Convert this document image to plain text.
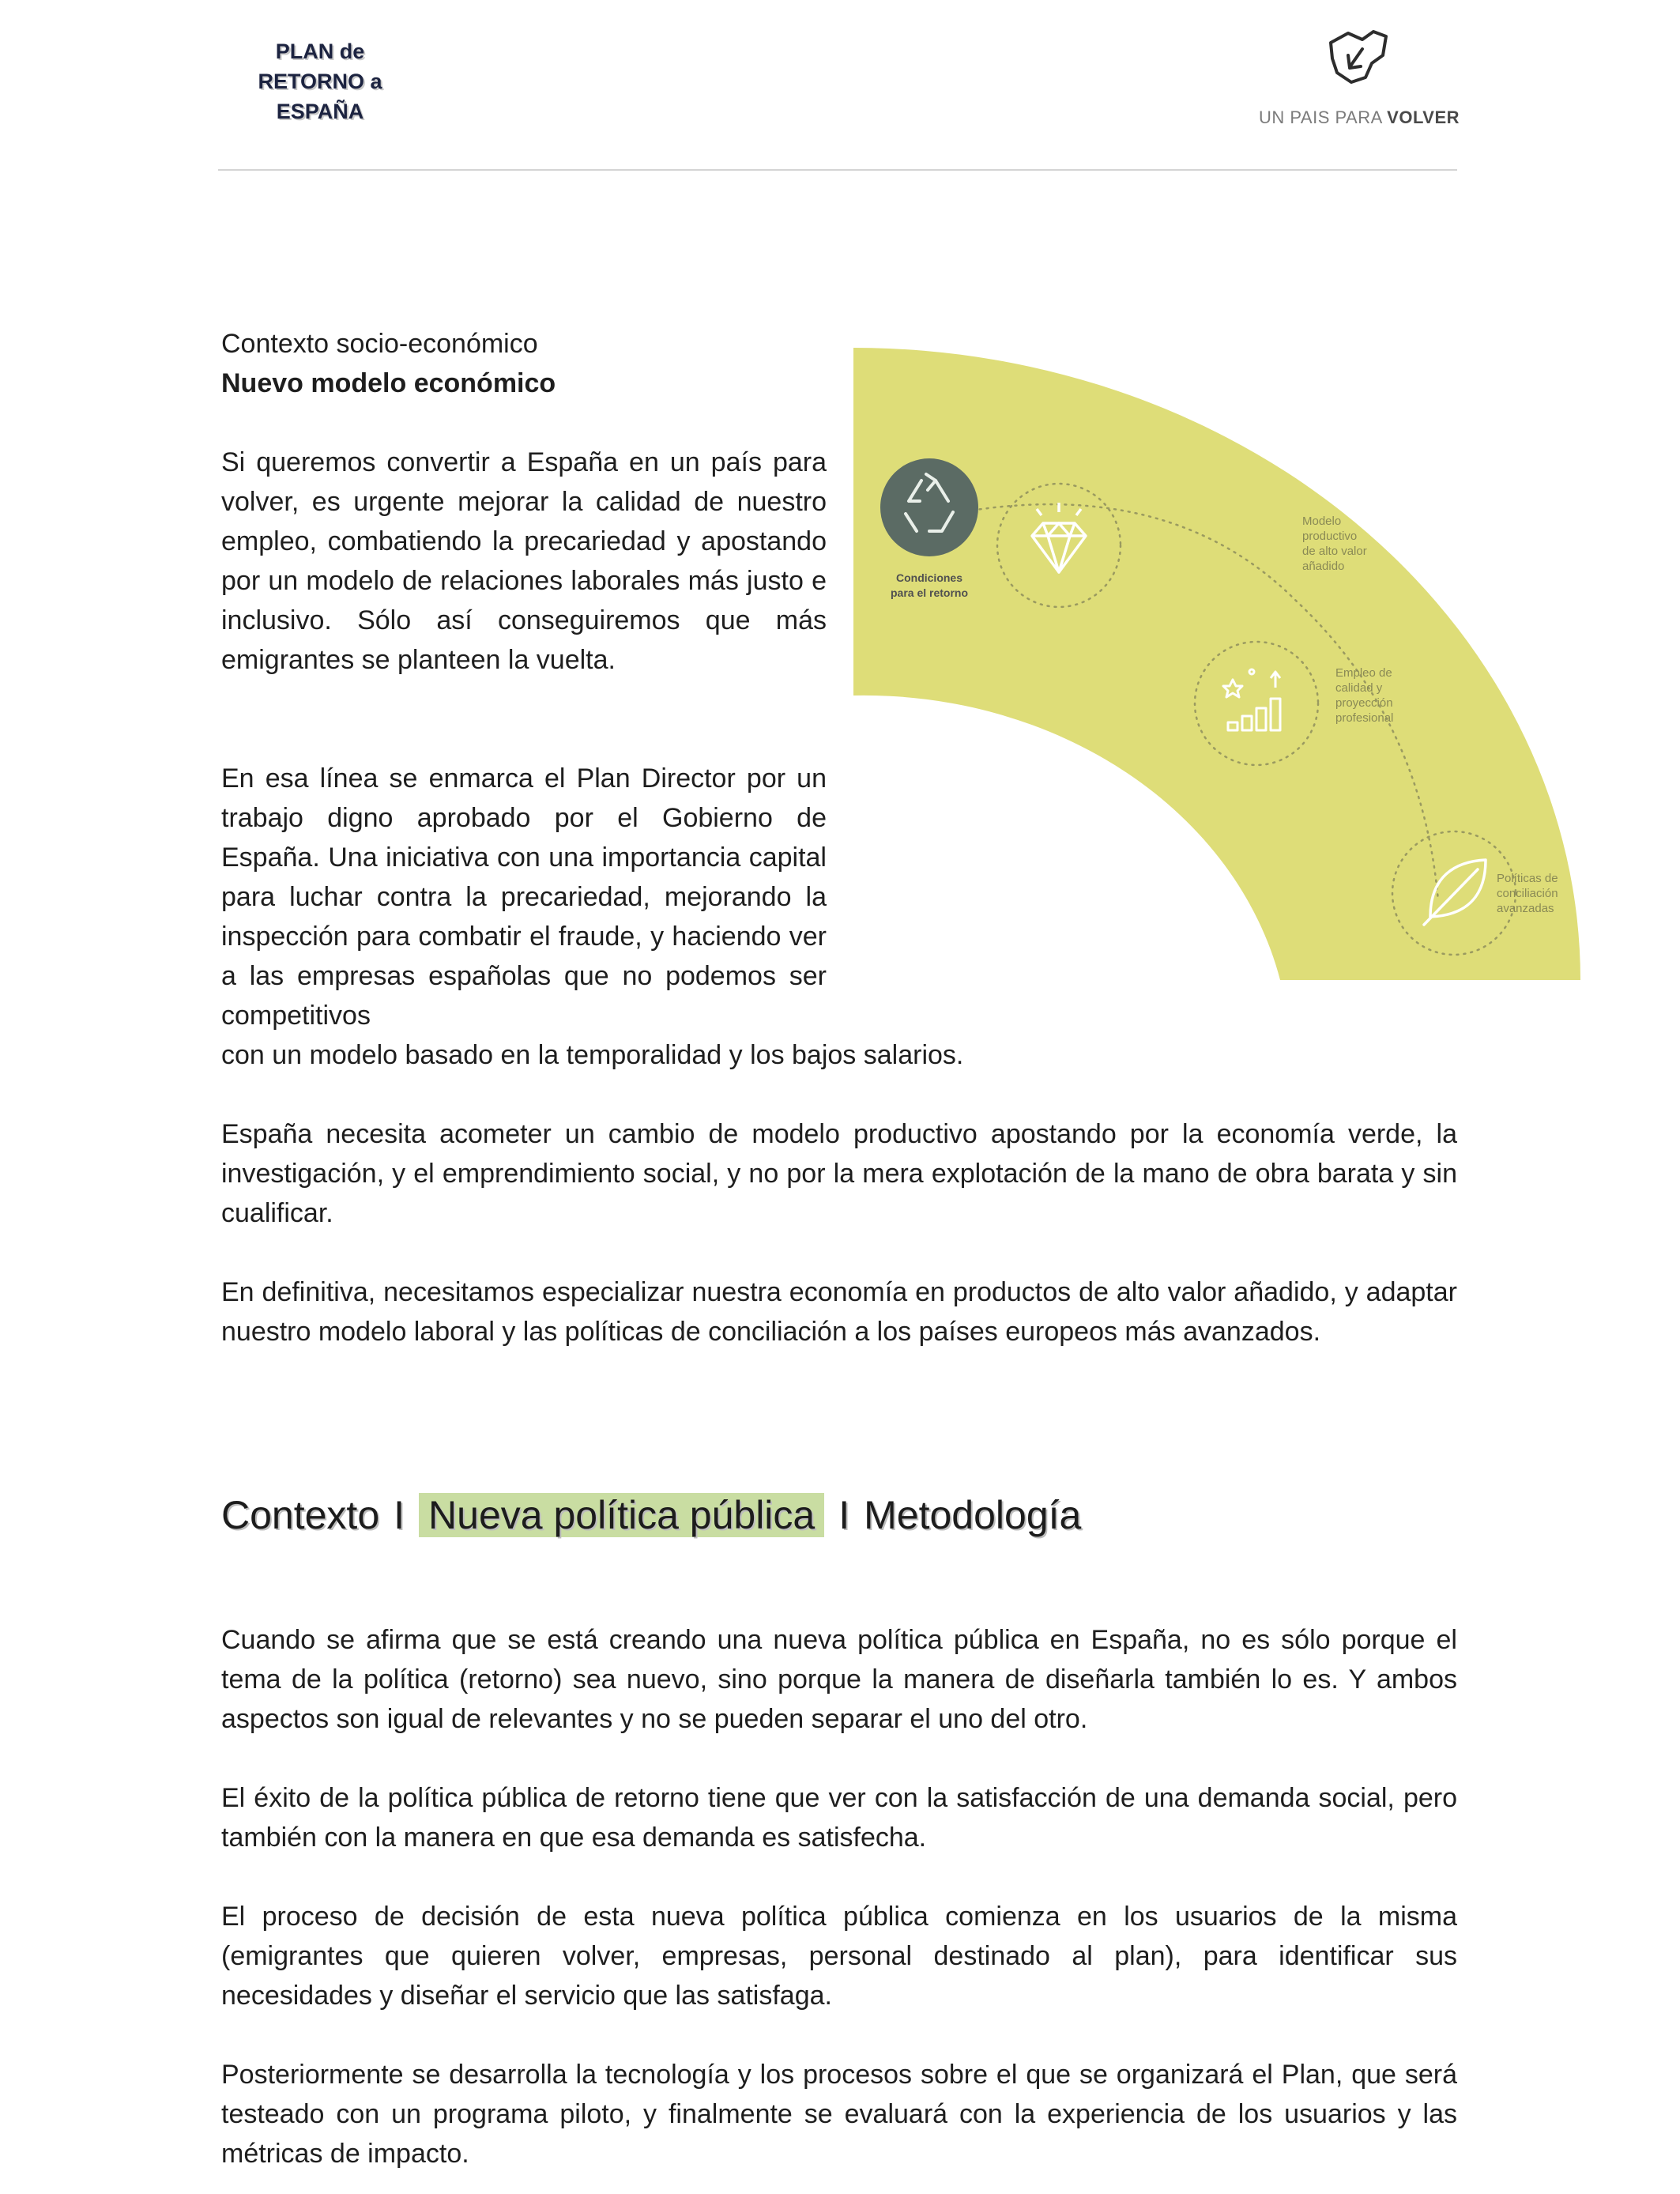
PLAN de
RETORNO a
ESPAÑA	UN PAIS PARA VOLVER
Contexto socio-económico
Nuevo modelo económico
Si queremos convertir a España en un país para volver, es urgente mejorar la calidad de nuestro empleo, combatiendo la precariedad y apostando por un modelo de relaciones laborales más justo e inclusivo. Sólo así conseguiremos que más emigrantes se planteen la vuelta.
En esa línea se enmarca el Plan Director por un trabajo digno aprobado por el Gobierno de España. Una iniciativa con una importancia capital para luchar contra la precariedad, mejorando la inspección para combatir el fraude, y haciendo ver a las empresas españolas que no podemos ser competitivos
con un modelo basado en la temporalidad y los bajos salarios.
España necesita acometer un cambio de modelo productivo apostando por la economía verde, la investigación, y el emprendimiento social, y no por la mera explotación de la mano de obra barata y sin cualificar.
En definitiva, necesitamos especializar nuestra economía en productos de alto valor añadido, y adaptar nuestro modelo laboral y las políticas de conciliación a los países europeos más avanzados.
Condiciones
para el retorno
Modelo
productivo
de alto valor
añadido
Empleo de
calidad y
proyección
profesional
Políticas de
conciliación
avanzadas
Contexto I Nueva política pública I Metodología
Cuando se afirma que se está creando una nueva política pública en España, no es sólo porque el tema de la política (retorno) sea nuevo, sino porque la manera de diseñarla también lo es. Y ambos aspectos son igual de relevantes y no se pueden separar el uno del otro.
El éxito de la política pública de retorno tiene que ver con la satisfacción de una demanda social, pero también con la manera en que esa demanda es satisfecha.
El proceso de decisión de esta nueva política pública comienza en los usuarios de la misma (emigrantes que quieren volver, empresas, personal destinado al plan), para identificar sus necesidades y diseñar el servicio que las satisfaga.
Posteriormente se desarrolla la tecnología y los procesos sobre el que se organizará el Plan, que será testeado con un programa piloto, y finalmente se evaluará con la experiencia de los usuarios y las métricas de impacto.
